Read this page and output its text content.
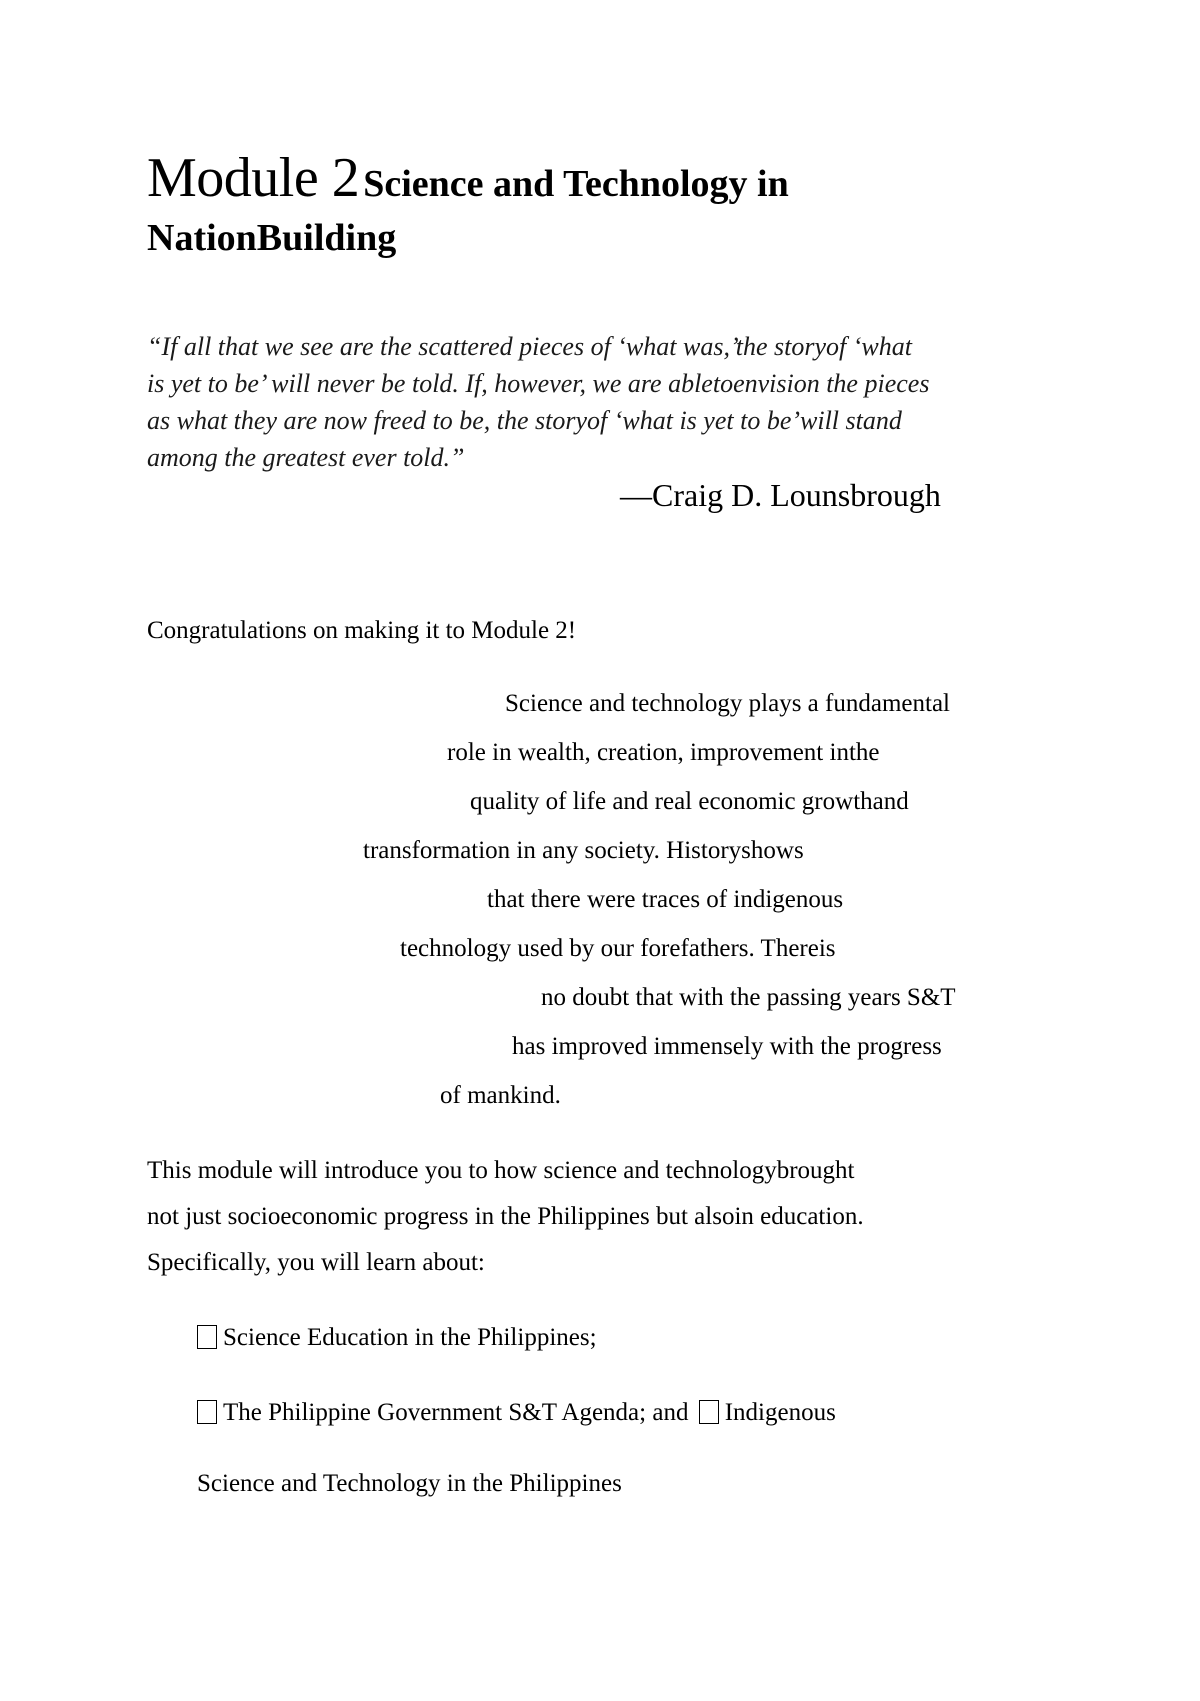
Module 2 Science and Technology in
NationBuilding
“If all that we see are the scattered pieces of ‘what was,’the storyof ‘what
is yet to be’ will never be told. If, however, we are abletoenvision the pieces
as what they are now freed to be, the storyof ‘what is yet to be’will stand
among the greatest ever told.”
—Craig D. Lounsbrough
Congratulations on making it to Module 2!
Science and technology plays a fundamental
role in wealth, creation, improvement inthe
quality of life and real economic growthand
transformation in any society. Historyshows
that there were traces of indigenous
technology used by our forefathers. Thereis
no doubt that with the passing years S&T
has improved immensely with the progress
of mankind.
This module will introduce you to how science and technologybrought
not just socioeconomic progress in the Philippines but alsoin education.
Specifically, you will learn about:
Science Education in the Philippines;
The Philippine Government S&T Agenda; and Indigenous
Science and Technology in the Philippines
